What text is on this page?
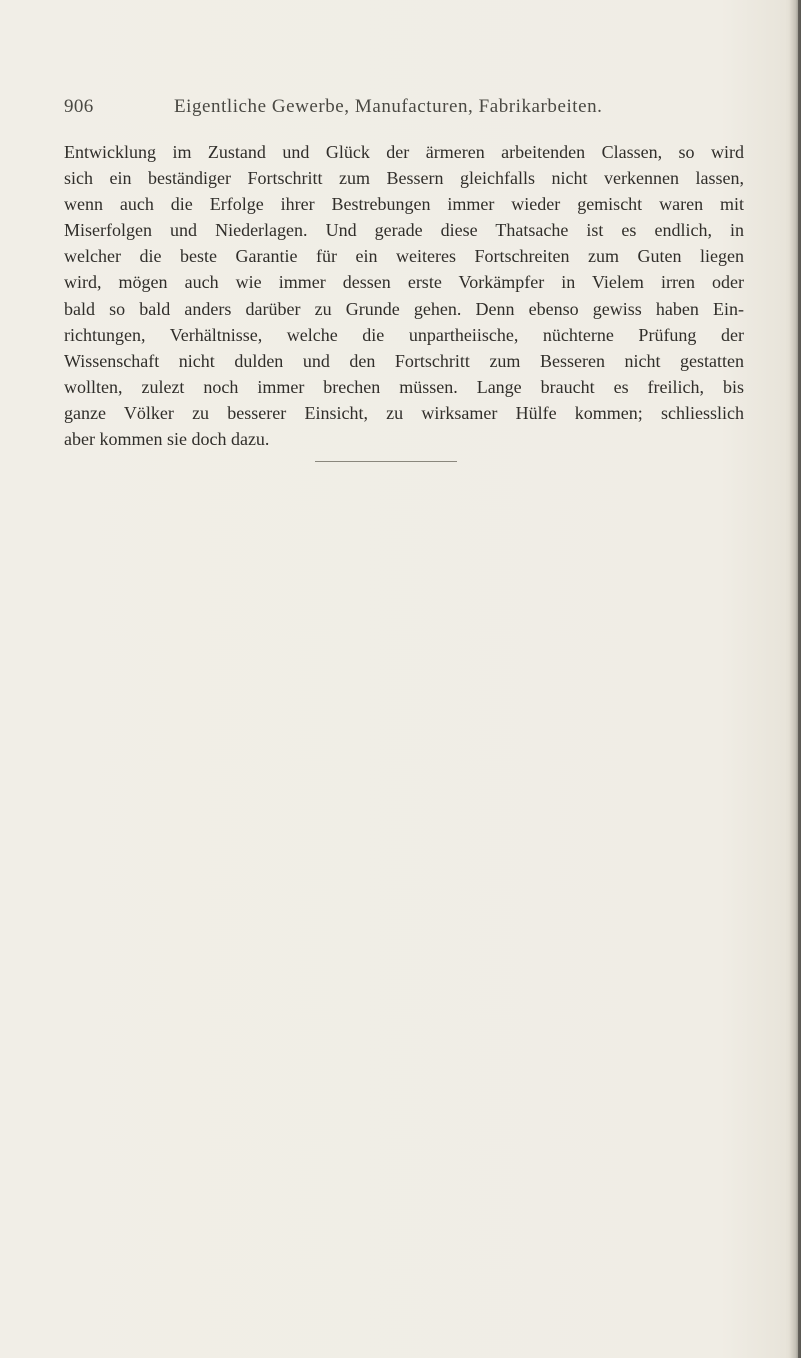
906	Eigentliche Gewerbe, Manufacturen, Fabrikarbeiten.

Entwicklung im Zustand und Glück der ärmeren arbeitenden Classen, so wird
sich ein beständiger Fortschritt zum Bessern gleichfalls nicht verkennen lassen,
wenn auch die Erfolge ihrer Bestrebungen immer wieder gemischt waren mit
Miserfolgen und Niederlagen. Und gerade diese Thatsache ist es endlich, in
welcher die beste Garantie für ein weiteres Fortschreiten zum Guten liegen
wird, mögen auch wie immer dessen erste Vorkämpfer in Vielem irren oder
bald so bald anders darüber zu Grunde gehen. Denn ebenso gewiss haben Ein-
richtungen, Verhältnisse, welche die unpartheiische, nüchterne Prüfung der
Wissenschaft nicht dulden und den Fortschritt zum Besseren nicht gestatten
wollten, zulezt noch immer brechen müssen. Lange braucht es freilich, bis
ganze Völker zu besserer Einsicht, zu wirksamer Hülfe kommen; schliesslich
aber kommen sie doch dazu.
